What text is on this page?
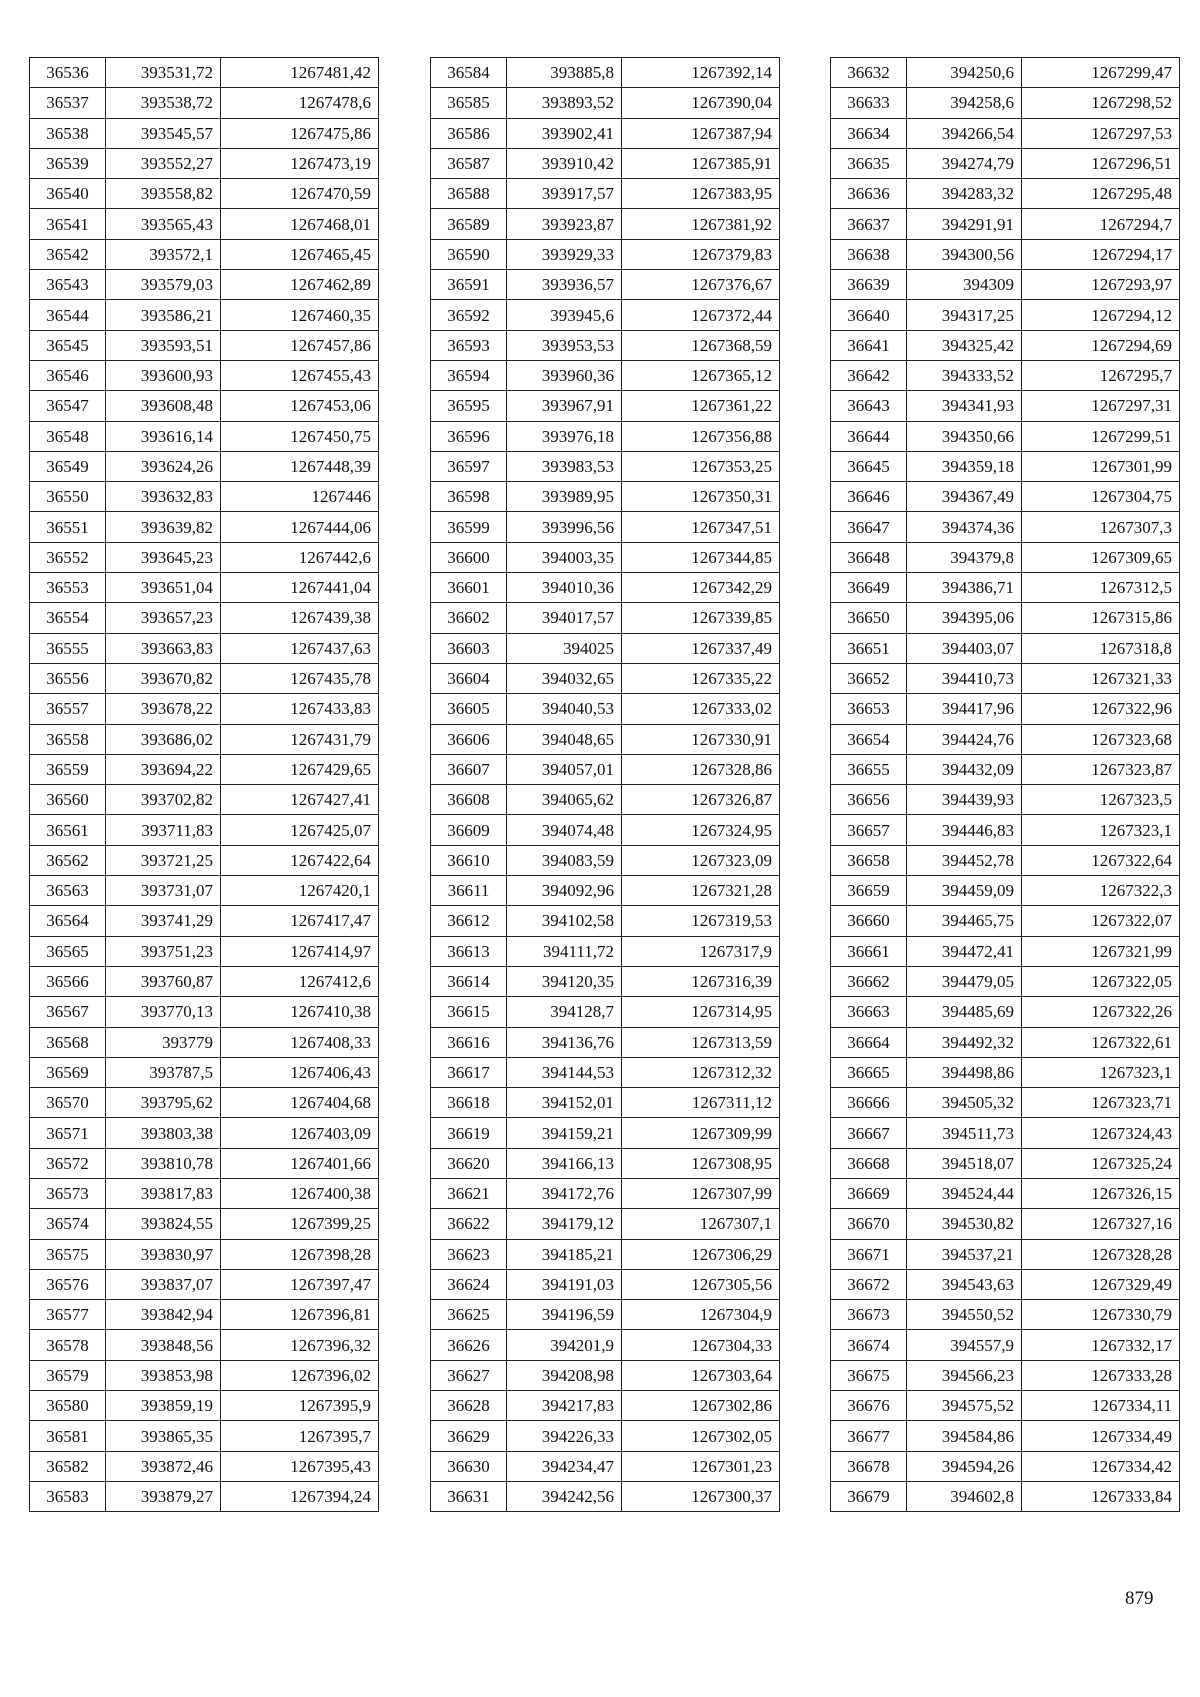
36536	393531,72	1267481,42
36537	393538,72	1267478,6
36538	393545,57	1267475,86
36539	393552,27	1267473,19
36540	393558,82	1267470,59
36541	393565,43	1267468,01
36542	393572,1	1267465,45
36543	393579,03	1267462,89
36544	393586,21	1267460,35
36545	393593,51	1267457,86
36546	393600,93	1267455,43
36547	393608,48	1267453,06
36548	393616,14	1267450,75
36549	393624,26	1267448,39
36550	393632,83	1267446
36551	393639,82	1267444,06
36552	393645,23	1267442,6
36553	393651,04	1267441,04
36554	393657,23	1267439,38
36555	393663,83	1267437,63
36556	393670,82	1267435,78
36557	393678,22	1267433,83
36558	393686,02	1267431,79
36559	393694,22	1267429,65
36560	393702,82	1267427,41
36561	393711,83	1267425,07
36562	393721,25	1267422,64
36563	393731,07	1267420,1
36564	393741,29	1267417,47
36565	393751,23	1267414,97
36566	393760,87	1267412,6
36567	393770,13	1267410,38
36568	393779	1267408,33
36569	393787,5	1267406,43
36570	393795,62	1267404,68
36571	393803,38	1267403,09
36572	393810,78	1267401,66
36573	393817,83	1267400,38
36574	393824,55	1267399,25
36575	393830,97	1267398,28
36576	393837,07	1267397,47
36577	393842,94	1267396,81
36578	393848,56	1267396,32
36579	393853,98	1267396,02
36580	393859,19	1267395,9
36581	393865,35	1267395,7
36582	393872,46	1267395,43
36583	393879,27	1267394,24
36584	393885,8	1267392,14
36585	393893,52	1267390,04
36586	393902,41	1267387,94
36587	393910,42	1267385,91
36588	393917,57	1267383,95
36589	393923,87	1267381,92
36590	393929,33	1267379,83
36591	393936,57	1267376,67
36592	393945,6	1267372,44
36593	393953,53	1267368,59
36594	393960,36	1267365,12
36595	393967,91	1267361,22
36596	393976,18	1267356,88
36597	393983,53	1267353,25
36598	393989,95	1267350,31
36599	393996,56	1267347,51
36600	394003,35	1267344,85
36601	394010,36	1267342,29
36602	394017,57	1267339,85
36603	394025	1267337,49
36604	394032,65	1267335,22
36605	394040,53	1267333,02
36606	394048,65	1267330,91
36607	394057,01	1267328,86
36608	394065,62	1267326,87
36609	394074,48	1267324,95
36610	394083,59	1267323,09
36611	394092,96	1267321,28
36612	394102,58	1267319,53
36613	394111,72	1267317,9
36614	394120,35	1267316,39
36615	394128,7	1267314,95
36616	394136,76	1267313,59
36617	394144,53	1267312,32
36618	394152,01	1267311,12
36619	394159,21	1267309,99
36620	394166,13	1267308,95
36621	394172,76	1267307,99
36622	394179,12	1267307,1
36623	394185,21	1267306,29
36624	394191,03	1267305,56
36625	394196,59	1267304,9
36626	394201,9	1267304,33
36627	394208,98	1267303,64
36628	394217,83	1267302,86
36629	394226,33	1267302,05
36630	394234,47	1267301,23
36631	394242,56	1267300,37
36632	394250,6	1267299,47
36633	394258,6	1267298,52
36634	394266,54	1267297,53
36635	394274,79	1267296,51
36636	394283,32	1267295,48
36637	394291,91	1267294,7
36638	394300,56	1267294,17
36639	394309	1267293,97
36640	394317,25	1267294,12
36641	394325,42	1267294,69
36642	394333,52	1267295,7
36643	394341,93	1267297,31
36644	394350,66	1267299,51
36645	394359,18	1267301,99
36646	394367,49	1267304,75
36647	394374,36	1267307,3
36648	394379,8	1267309,65
36649	394386,71	1267312,5
36650	394395,06	1267315,86
36651	394403,07	1267318,8
36652	394410,73	1267321,33
36653	394417,96	1267322,96
36654	394424,76	1267323,68
36655	394432,09	1267323,87
36656	394439,93	1267323,5
36657	394446,83	1267323,1
36658	394452,78	1267322,64
36659	394459,09	1267322,3
36660	394465,75	1267322,07
36661	394472,41	1267321,99
36662	394479,05	1267322,05
36663	394485,69	1267322,26
36664	394492,32	1267322,61
36665	394498,86	1267323,1
36666	394505,32	1267323,71
36667	394511,73	1267324,43
36668	394518,07	1267325,24
36669	394524,44	1267326,15
36670	394530,82	1267327,16
36671	394537,21	1267328,28
36672	394543,63	1267329,49
36673	394550,52	1267330,79
36674	394557,9	1267332,17
36675	394566,23	1267333,28
36676	394575,52	1267334,11
36677	394584,86	1267334,49
36678	394594,26	1267334,42
36679	394602,8	1267333,84
879
